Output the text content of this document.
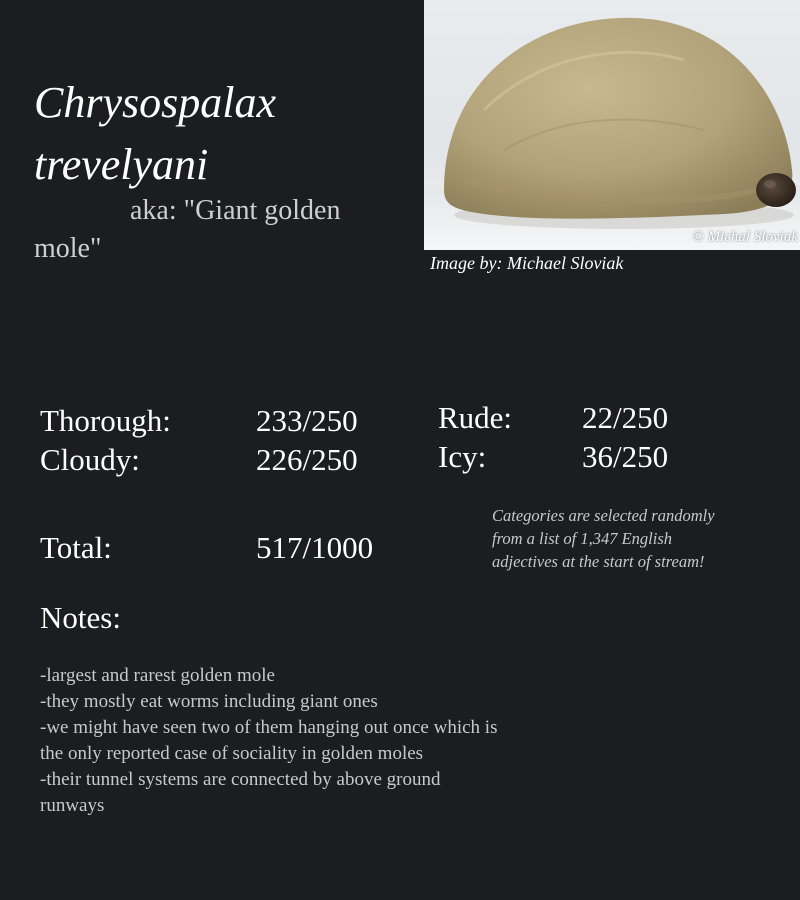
Chrysospalax trevelyani

aka: "Giant golden mole"	© Michal Sloviak
Image by: Michael Sloviak
Thorough:	233/250
Cloudy:	226/250
Rude: 22/250
Icy:	36/250
Total:	517/1000
Categories are selected randomly from a list of 1,347 English adjectives at the start of stream!
Notes:
-largest and rarest golden mole
-they mostly eat worms including giant ones
-we might have seen two of them hanging out once which is the only reported case of sociality in golden moles
-their tunnel systems are connected by above ground runways
